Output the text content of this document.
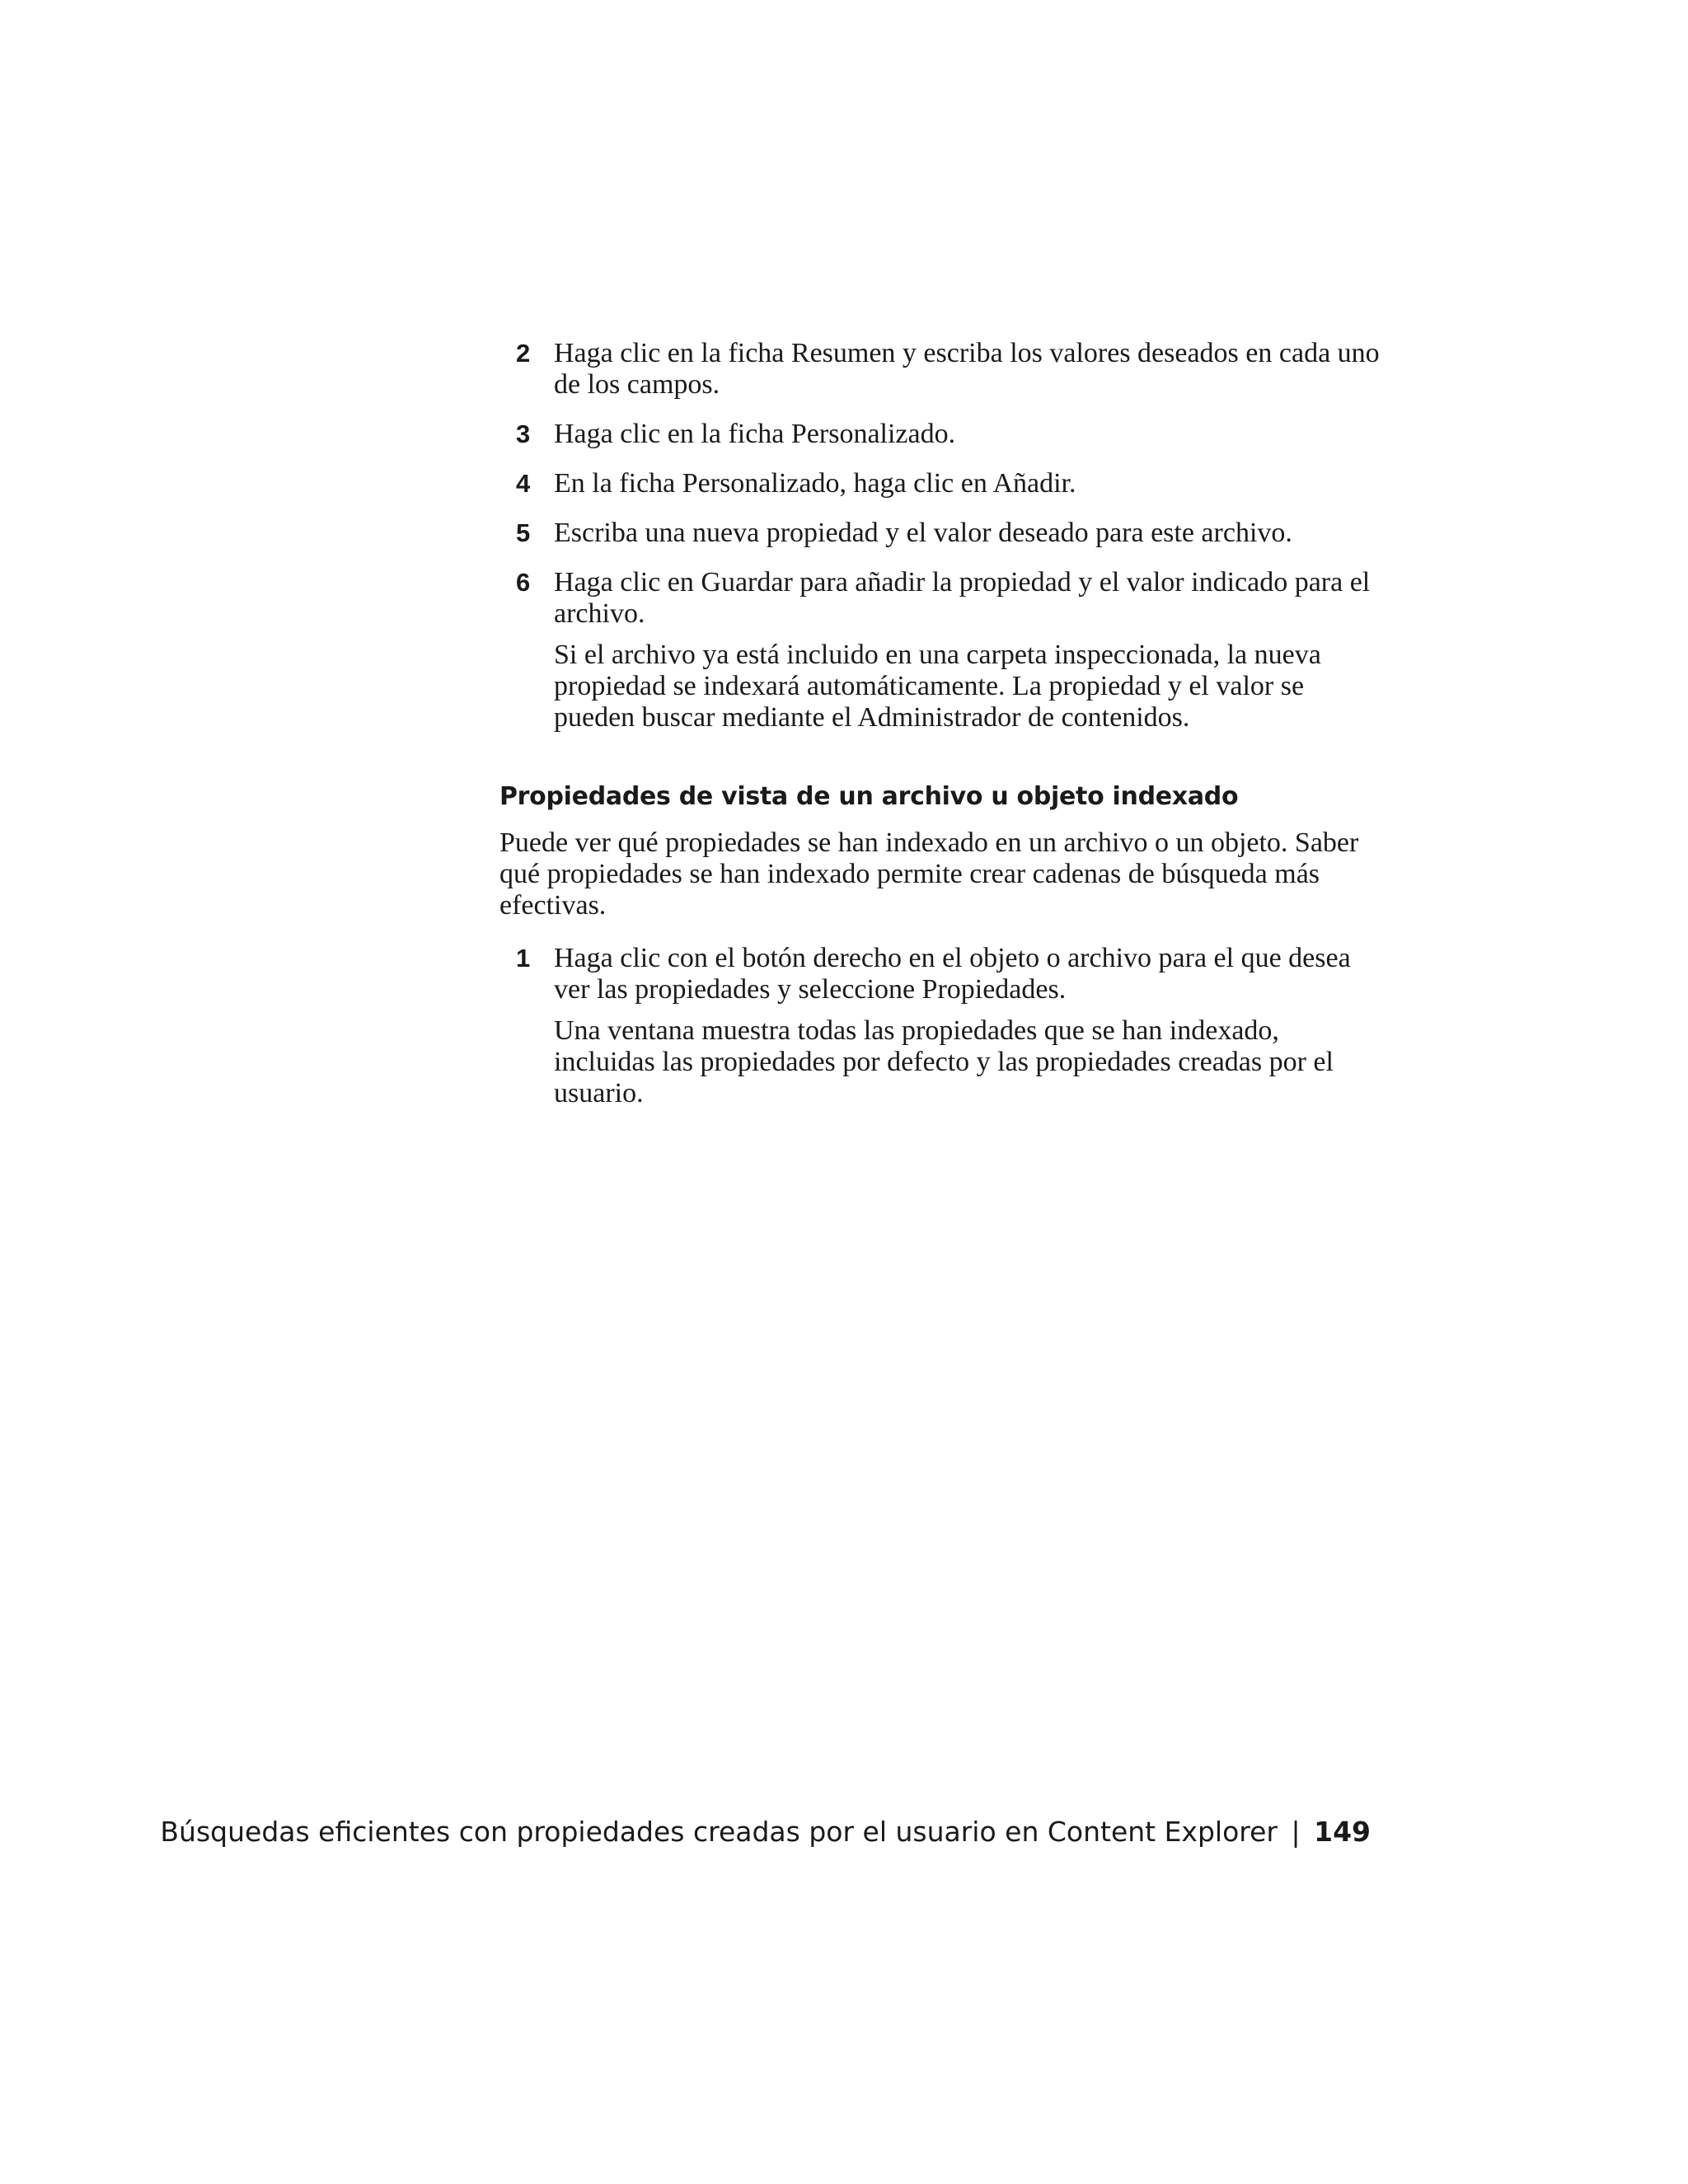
2 Haga clic en la ficha Resumen y escriba los valores deseados en cada uno de los campos.
3 Haga clic en la ficha Personalizado.
4 En la ficha Personalizado, haga clic en Añadir.
5 Escriba una nueva propiedad y el valor deseado para este archivo.
6 Haga clic en Guardar para añadir la propiedad y el valor indicado para el archivo.
Si el archivo ya está incluido en una carpeta inspeccionada, la nueva propiedad se indexará automáticamente. La propiedad y el valor se pueden buscar mediante el Administrador de contenidos.
Propiedades de vista de un archivo u objeto indexado
Puede ver qué propiedades se han indexado en un archivo o un objeto. Saber qué propiedades se han indexado permite crear cadenas de búsqueda más efectivas.
1 Haga clic con el botón derecho en el objeto o archivo para el que desea ver las propiedades y seleccione Propiedades.
Una ventana muestra todas las propiedades que se han indexado, incluidas las propiedades por defecto y las propiedades creadas por el usuario.
Búsquedas eficientes con propiedades creadas por el usuario en Content Explorer | 149
